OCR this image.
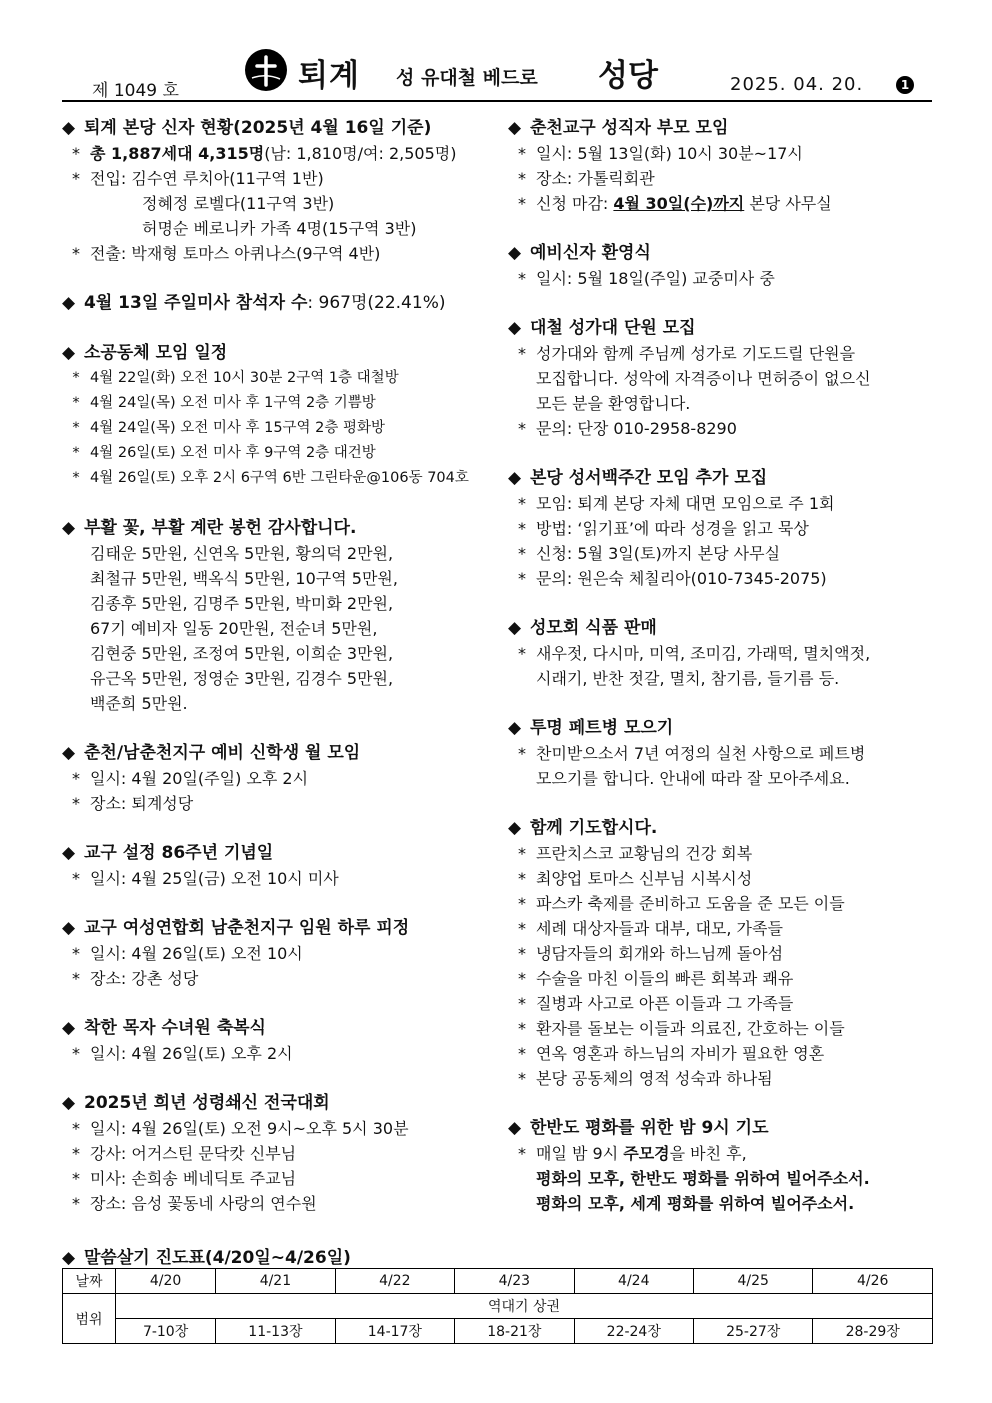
제 1049 호	퇴계 성 유대철 베드로 성당	2025. 04. 20.	1
◆ 퇴계 본당 신자 현황(2025년 4월 16일 기준)
* 총 1,887세대 4,315명(남: 1,810명/여: 2,505명)
* 전입: 김수연 루치아(11구역 1반)
정혜정 로벨다(11구역 3반)
허명순 베로니카 가족 4명(15구역 3반)
* 전출: 박재형 토마스 아퀴나스(9구역 4반)
◆ 4월 13일 주일미사 참석자 수: 967명(22.41%)
◆ 소공동체 모임 일정
* 4월 22일(화) 오전 10시 30분 2구역 1층 대철방
* 4월 24일(목) 오전 미사 후 1구역 2층 기쁨방
* 4월 24일(목) 오전 미사 후 15구역 2층 평화방
* 4월 26일(토) 오전 미사 후 9구역 2층 대건방
* 4월 26일(토) 오후 2시 6구역 6반 그린타운@106동 704호
◆ 부활 꽃, 부활 계란 봉헌 감사합니다.
김태운 5만원, 신연옥 5만원, 황의덕 2만원,
최철규 5만원, 백옥식 5만원, 10구역 5만원,
김종후 5만원, 김명주 5만원, 박미화 2만원,
67기 예비자 일동 20만원, 전순녀 5만원,
김현중 5만원, 조정여 5만원, 이희순 3만원,
유근옥 5만원, 정영순 3만원, 김경수 5만원,
백준희 5만원.
◆ 춘천/남춘천지구 예비 신학생 월 모임
* 일시: 4월 20일(주일) 오후 2시
* 장소: 퇴계성당
◆ 교구 설정 86주년 기념일
* 일시: 4월 25일(금) 오전 10시 미사
◆ 교구 여성연합회 남춘천지구 임원 하루 피정
* 일시: 4월 26일(토) 오전 10시
* 장소: 강촌 성당
◆ 착한 목자 수녀원 축복식
* 일시: 4월 26일(토) 오후 2시
◆ 2025년 희년 성령쇄신 전국대회
* 일시: 4월 26일(토) 오전 9시~오후 5시 30분
* 강사: 어거스틴 문닥캇 신부님
* 미사: 손희송 베네딕토 주교님
* 장소: 음성 꽃동네 사랑의 연수원
◆ 춘천교구 성직자 부모 모임
* 일시: 5월 13일(화) 10시 30분~17시
* 장소: 가톨릭회관
* 신청 마감: 4월 30일(수)까지 본당 사무실
◆ 예비신자 환영식
* 일시: 5월 18일(주일) 교중미사 중
◆ 대철 성가대 단원 모집
* 성가대와 함께 주님께 성가로 기도드릴 단원을
모집합니다. 성악에 자격증이나 면허증이 없으신
모든 분을 환영합니다.
* 문의: 단장 010-2958-8290
◆ 본당 성서백주간 모임 추가 모집
* 모임: 퇴계 본당 자체 대면 모임으로 주 1회
* 방법: ‘읽기표’에 따라 성경을 읽고 묵상
* 신청: 5월 3일(토)까지 본당 사무실
* 문의: 원은숙 체칠리아(010-7345-2075)
◆ 성모회 식품 판매
* 새우젓, 다시마, 미역, 조미김, 가래떡, 멸치액젓,
시래기, 반찬 젓갈, 멸치, 참기름, 들기름 등.
◆ 투명 페트병 모으기
* 찬미받으소서 7년 여정의 실천 사항으로 페트병
모으기를 합니다. 안내에 따라 잘 모아주세요.
◆ 함께 기도합시다.
* 프란치스코 교황님의 건강 회복
* 최양업 토마스 신부님 시복시성
* 파스카 축제를 준비하고 도움을 준 모든 이들
* 세례 대상자들과 대부, 대모, 가족들
* 냉담자들의 회개와 하느님께 돌아섬
* 수술을 마친 이들의 빠른 회복과 쾌유
* 질병과 사고로 아픈 이들과 그 가족들
* 환자를 돌보는 이들과 의료진, 간호하는 이들
* 연옥 영혼과 하느님의 자비가 필요한 영혼
* 본당 공동체의 영적 성숙과 하나됨
◆ 한반도 평화를 위한 밤 9시 기도
* 매일 밤 9시 주모경을 바친 후,
평화의 모후, 한반도 평화를 위하여 빌어주소서.
평화의 모후, 세계 평화를 위하여 빌어주소서.
◆ 말씀살기 진도표(4/20일~4/26일)
날짜	4/20	4/21	4/22	4/23	4/24	4/25	4/26
범위	역대기 상권						
	7-10장	11-13장	14-17장	18-21장	22-24장	25-27장	28-29장
